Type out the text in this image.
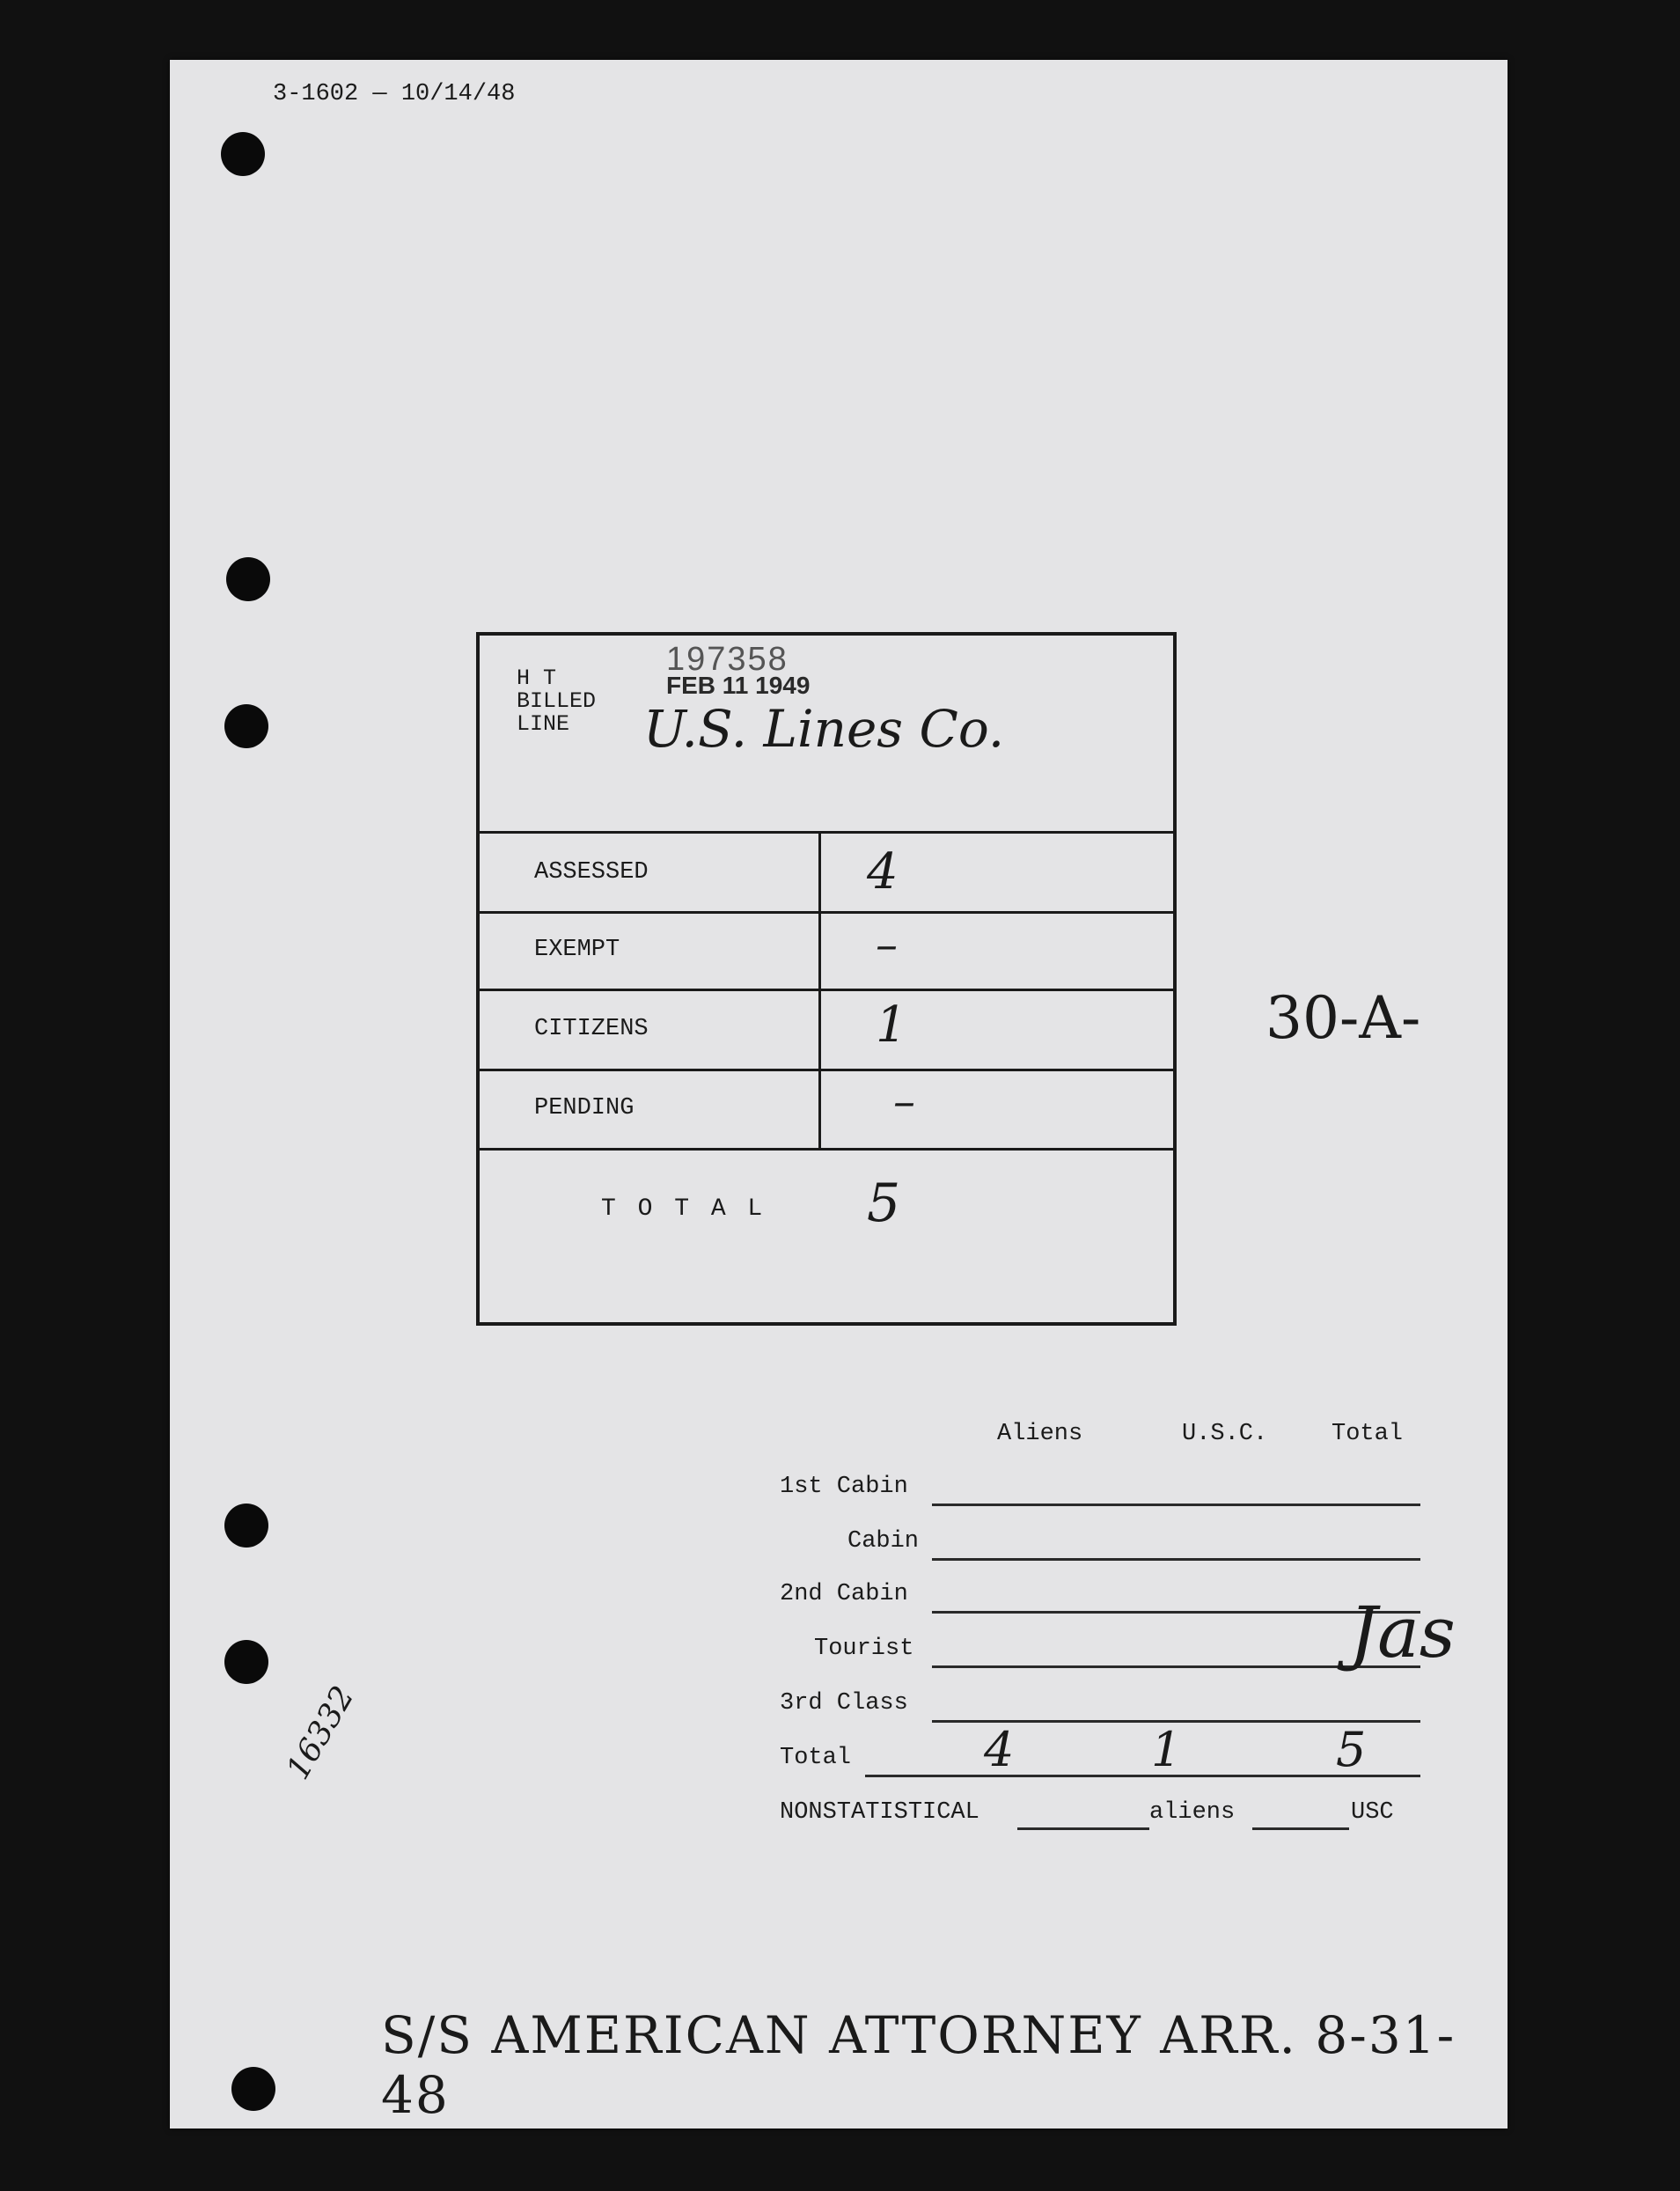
3-1602 — 10/14/48
H T
BILLED
LINE
197358
FEB 11 1949
U.S. Lines Co.
ASSESSED	4
EXEMPT	–
CITIZENS	1
PENDING	–
T O T A L 5
30-A-
Aliens	U.S.C.	Total
1st Cabin
Cabin
2nd Cabin
Tourist
3rd Class
Total	4	1	5
Jas
NONSTATISTICAL	aliens	USC
16332
S/S AMERICAN ATTORNEY ARR. 8-31-48
